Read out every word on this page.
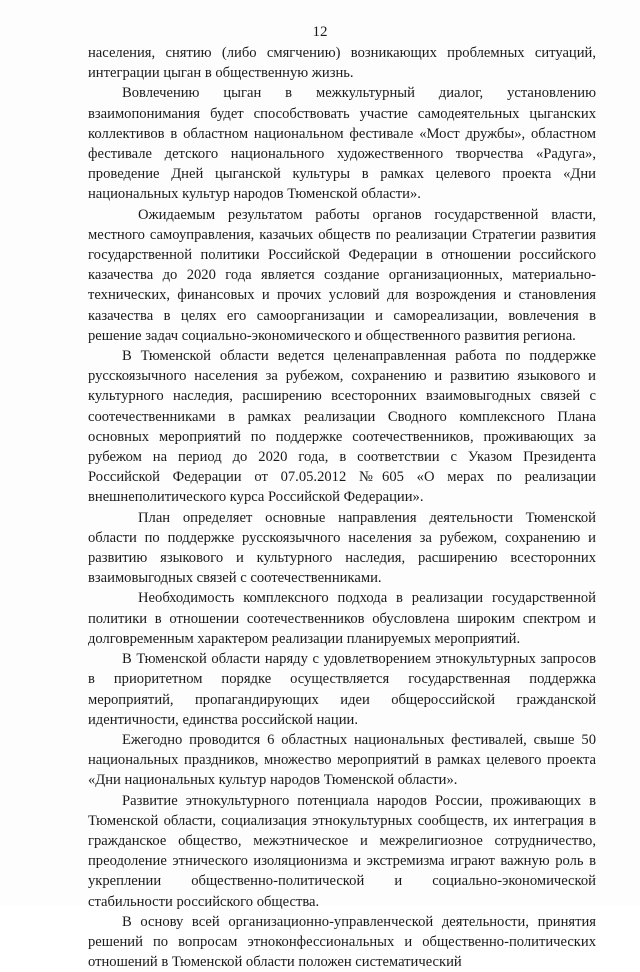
12

населения, снятию (либо смягчению) возникающих проблемных ситуаций, интеграции цыган в общественную жизнь.

Вовлечению цыган в межкультурный диалог, установлению взаимопонимания будет способствовать участие самодеятельных цыганских коллективов в областном национальном фестивале «Мост дружбы», областном фестивале детского национального художественного творчества «Радуга», проведение Дней цыганской культуры в рамках целевого проекта «Дни национальных культур народов Тюменской области».

Ожидаемым результатом работы органов государственной власти, местного самоуправления, казачьих обществ по реализации Стратегии развития государственной политики Российской Федерации в отношении российского казачества до 2020 года является создание организационных, материально-технических, финансовых и прочих условий для возрождения и становления казачества в целях его самоорганизации и самореализации, вовлечения в решение задач социально-экономического и общественного развития региона.

В Тюменской области ведется целенаправленная работа по поддержке русскоязычного населения за рубежом, сохранению и развитию языкового и культурного наследия, расширению всесторонних взаимовыгодных связей с соотечественниками в рамках реализации Сводного комплексного Плана основных мероприятий по поддержке соотечественников, проживающих за рубежом на период до 2020 года, в соответствии с Указом Президента Российской Федерации от 07.05.2012 №605 «О мерах по реализации внешнеполитического курса Российской Федерации».

План определяет основные направления деятельности Тюменской области по поддержке русскоязычного населения за рубежом, сохранению и развитию языкового и культурного наследия, расширению всесторонних взаимовыгодных связей с соотечественниками.

Необходимость комплексного подхода в реализации государственной политики в отношении соотечественников обусловлена широким спектром и долговременным характером реализации планируемых мероприятий.

В Тюменской области наряду с удовлетворением этнокультурных запросов в приоритетном порядке осуществляется государственная поддержка мероприятий, пропагандирующих идеи общероссийской гражданской идентичности, единства российской нации.

Ежегодно проводится 6 областных национальных фестивалей, свыше 50 национальных праздников, множество мероприятий в рамках целевого проекта «Дни национальных культур народов Тюменской области».

Развитие этнокультурного потенциала народов России, проживающих в Тюменской области, социализация этнокультурных сообществ, их интеграция в гражданское общество, межэтническое и межрелигиозное сотрудничество, преодоление этнического изоляционизма и экстремизма играют важную роль в укреплении общественно-политической и социально-экономической стабильности российского общества.

В основу всей организационно-управленческой деятельности, принятия решений по вопросам этноконфессиональных и общественно-политических отношений в Тюменской области положен систематический
